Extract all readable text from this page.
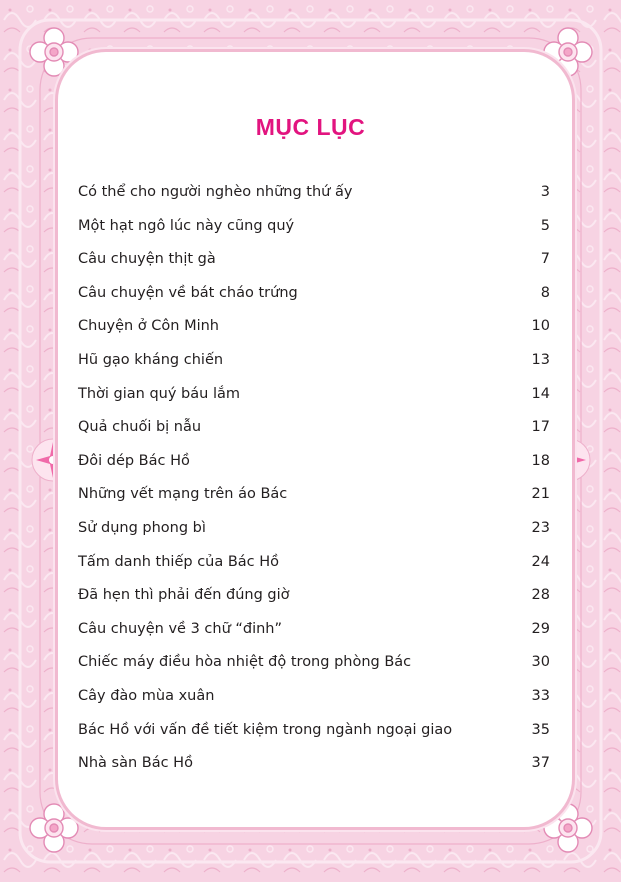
MỤC LỤC
Có thể cho người nghèo những thứ ấy	3
Một hạt ngô lúc này cũng quý	5
Câu chuyện thịt gà	7
Câu chuyện về bát cháo trứng	8
Chuyện ở Côn Minh	10
Hũ gạo kháng chiến	13
Thời gian quý báu lắm	14
Quả chuối bị nẫu	17
Đôi dép Bác Hồ	18
Những vết mạng trên áo Bác	21
Sử dụng phong bì	23
Tấm danh thiếp của Bác Hồ	24
Đã hẹn thì phải đến đúng giờ	28
Câu chuyện về 3 chữ “đinh”	29
Chiếc máy điều hòa nhiệt độ trong phòng Bác	30
Cây đào mùa xuân	33
Bác Hồ với vấn đề tiết kiệm trong ngành ngoại giao	35
Nhà sàn Bác Hồ	37
